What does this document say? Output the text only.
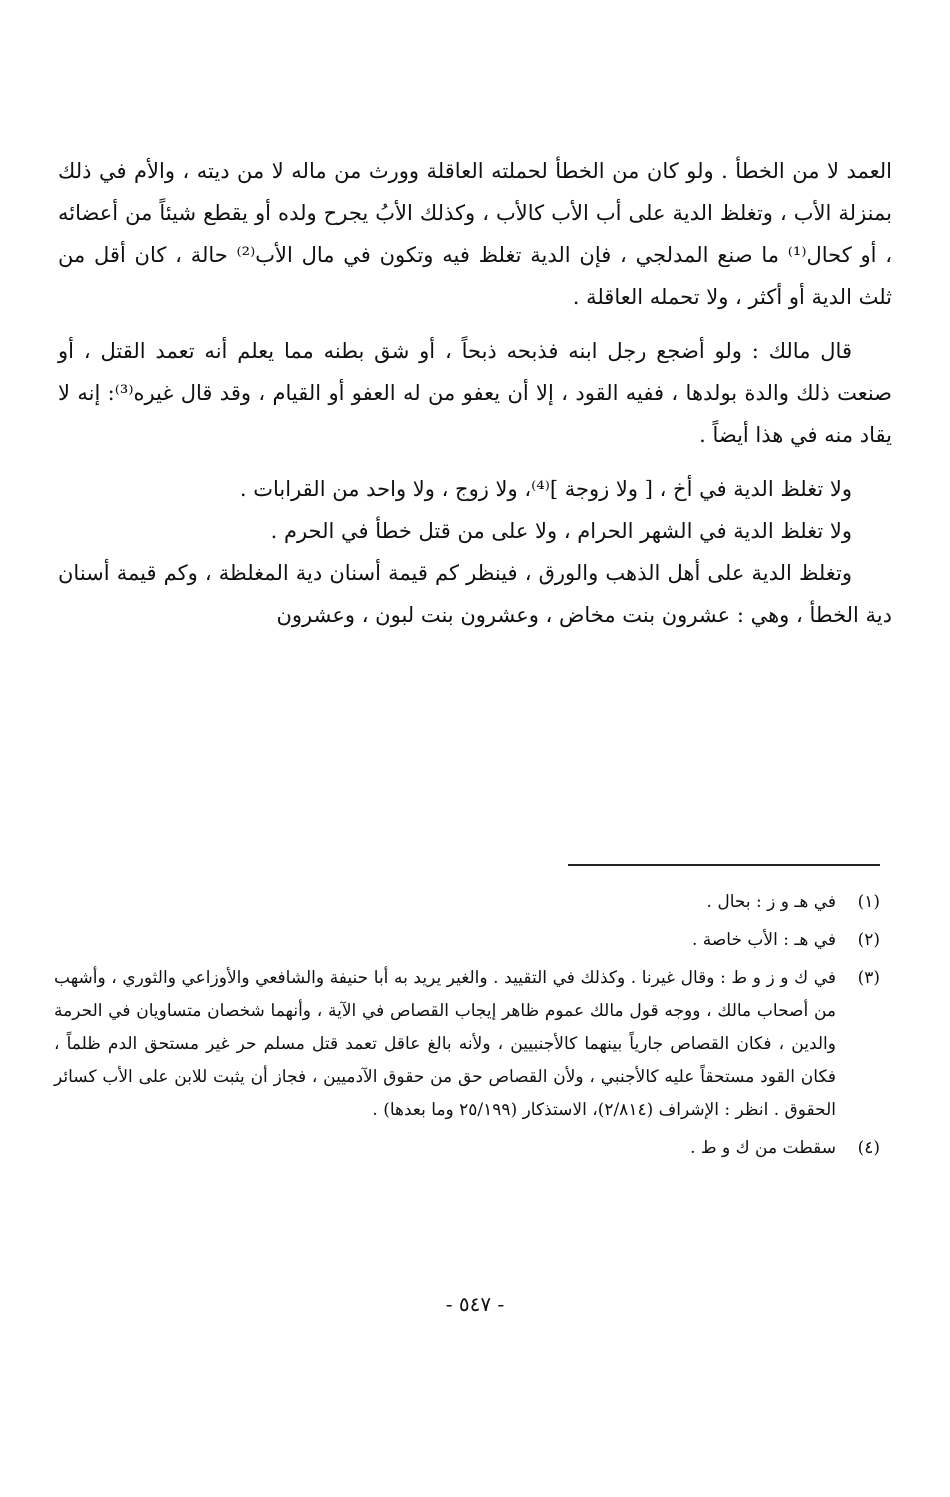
العمد لا من الخطأ . ولو كان من الخطأ لحملته العاقلة وورث من ماله لا من ديته ، والأم في ذلك بمنزلة الأب ، وتغلظ الدية على أب الأب كالأب ، وكذلك الأبُ يجرح ولده أو يقطع شيئاً من أعضائه ، أو كحال⁽¹⁾ ما صنع المدلجي ، فإن الدية تغلظ فيه وتكون في مال الأب⁽²⁾ حالة ، كان أقل من ثلث الدية أو أكثر ، ولا تحمله العاقلة .

قال مالك : ولو أضجع رجل ابنه فذبحه ذبحاً ، أو شق بطنه مما يعلم أنه تعمد القتل ، أو صنعت ذلك والدة بولدها ، ففيه القود ، إلا أن يعفو من له العفو أو القيام ، وقد قال غيره⁽³⁾: إنه لا يقاد منه في هذا أيضاً .

ولا تغلظ الدية في أخ ، [ ولا زوجة ]⁽⁴⁾، ولا زوج ، ولا واحد من القرابات .

ولا تغلظ الدية في الشهر الحرام ، ولا على من قتل خطأ في الحرم .

وتغلظ الدية على أهل الذهب والورق ، فينظر كم قيمة أسنان دية المغلظة ، وكم قيمة أسنان دية الخطأ ، وهي : عشرون بنت مخاض ، وعشرون بنت لبون ، وعشرون

(١)
في هـ و ز : بحال .
(٢)
في هـ : الأب خاصة .
(٣)
في ك و ز و ط : وقال غيرنا . وكذلك في التقييد . والغير يريد به أبا حنيفة والشافعي والأوزاعي والثوري ، وأشهب من أصحاب مالك ، ووجه قول مالك عموم ظاهر إيجاب القصاص في الآية ، وأنهما شخصان متساويان في الحرمة والدين ، فكان القصاص جارياً بينهما كالأجنبيين ، ولأنه بالغ عاقل تعمد قتل مسلم حر غير مستحق الدم ظلماً ، فكان القود مستحقاً عليه كالأجنبي ، ولأن القصاص حق من حقوق الآدميين ، فجاز أن يثبت للابن على الأب كسائر الحقوق . انظر : الإشراف (٢/٨١٤)، الاستذكار (٢٥/١٩٩ وما بعدها) .
(٤)
سقطت من ك و ط .
- ٥٤٧ -
